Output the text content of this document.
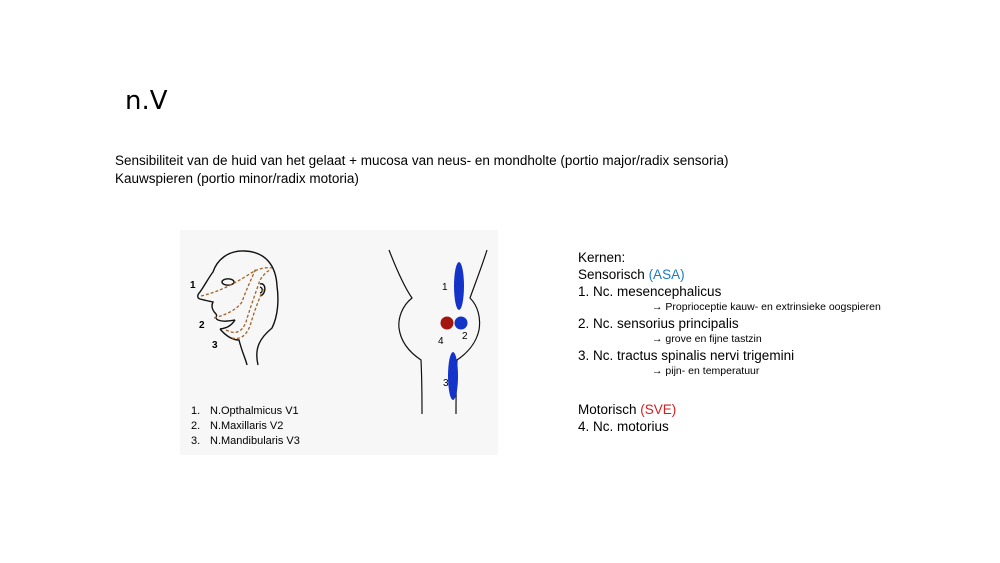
n.V
Sensibiliteit van de huid van het gelaat + mucosa van neus- en mondholte (portio major/radix sensoria)
Kauwspieren (portio minor/radix motoria)
1
2
3
1
2
4
3
1. N.Opthalmicus V1
2. N.Maxillaris V2
3. N.Mandibularis V3
Kernen:
Sensorisch (ASA)
1. Nc. mesencephalicus
→ Proprioceptie kauw- en extrinsieke oogspieren
2. Nc. sensorius principalis
→ grove en fijne tastzin
3. Nc. tractus spinalis nervi trigemini
→ pijn- en temperatuur
Motorisch (SVE)
4. Nc. motorius
